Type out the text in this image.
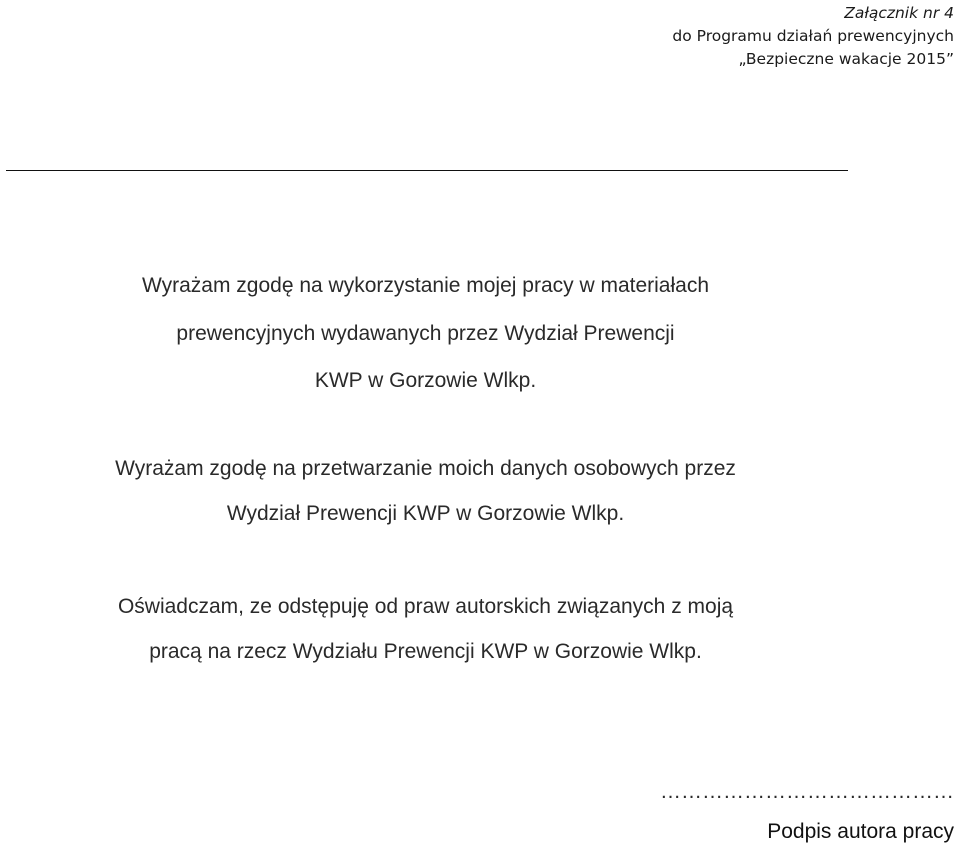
Załącznik nr 4
do Programu działań prewencyjnych
„Bezpieczne wakacje 2015”
Wyrażam zgodę na wykorzystanie mojej pracy w materiałach
prewencyjnych wydawanych przez Wydział Prewencji
KWP w Gorzowie Wlkp.
Wyrażam zgodę na przetwarzanie moich danych osobowych przez
Wydział Prewencji KWP w Gorzowie Wlkp.
Oświadczam, ze odstępuję od praw autorskich związanych z moją
pracą na rzecz Wydziału Prewencji KWP w Gorzowie Wlkp.
……………………………………
Podpis autora pracy
